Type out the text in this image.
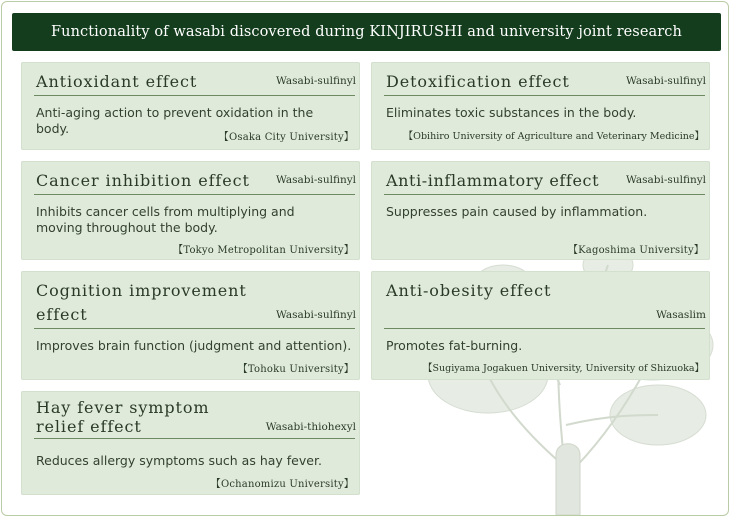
Functionality of wasabi discovered during KINJIRUSHI and university joint research
Antioxidant effect	Wasabi-sulfinyl
Anti-aging action to prevent oxidation in the body.
【Osaka City University】
Detoxification effect	Wasabi-sulfinyl
Eliminates toxic substances in the body.
【Obihiro University of Agriculture and Veterinary Medicine】
Cancer inhibition effect Wasabi-sulfinyl
Inhibits cancer cells from multiplying and moving throughout the body.
【Tokyo Metropolitan University】
Anti-inflammatory effect	Wasabi-sulfinyl
Suppresses pain caused by inflammation.
【Kagoshima University】
Cognition improvement
effect	Wasabi-sulfinyl
Improves brain function (judgment and attention).
【Tohoku University】
Anti-obesity effect
Wasaslim
Promotes fat-burning.
【Sugiyama Jogakuen University, University of Shizuoka】
Hay fever symptom
relief effect	Wasabi-thiohexyl
Reduces allergy symptoms such as hay fever.
【Ochanomizu University】
